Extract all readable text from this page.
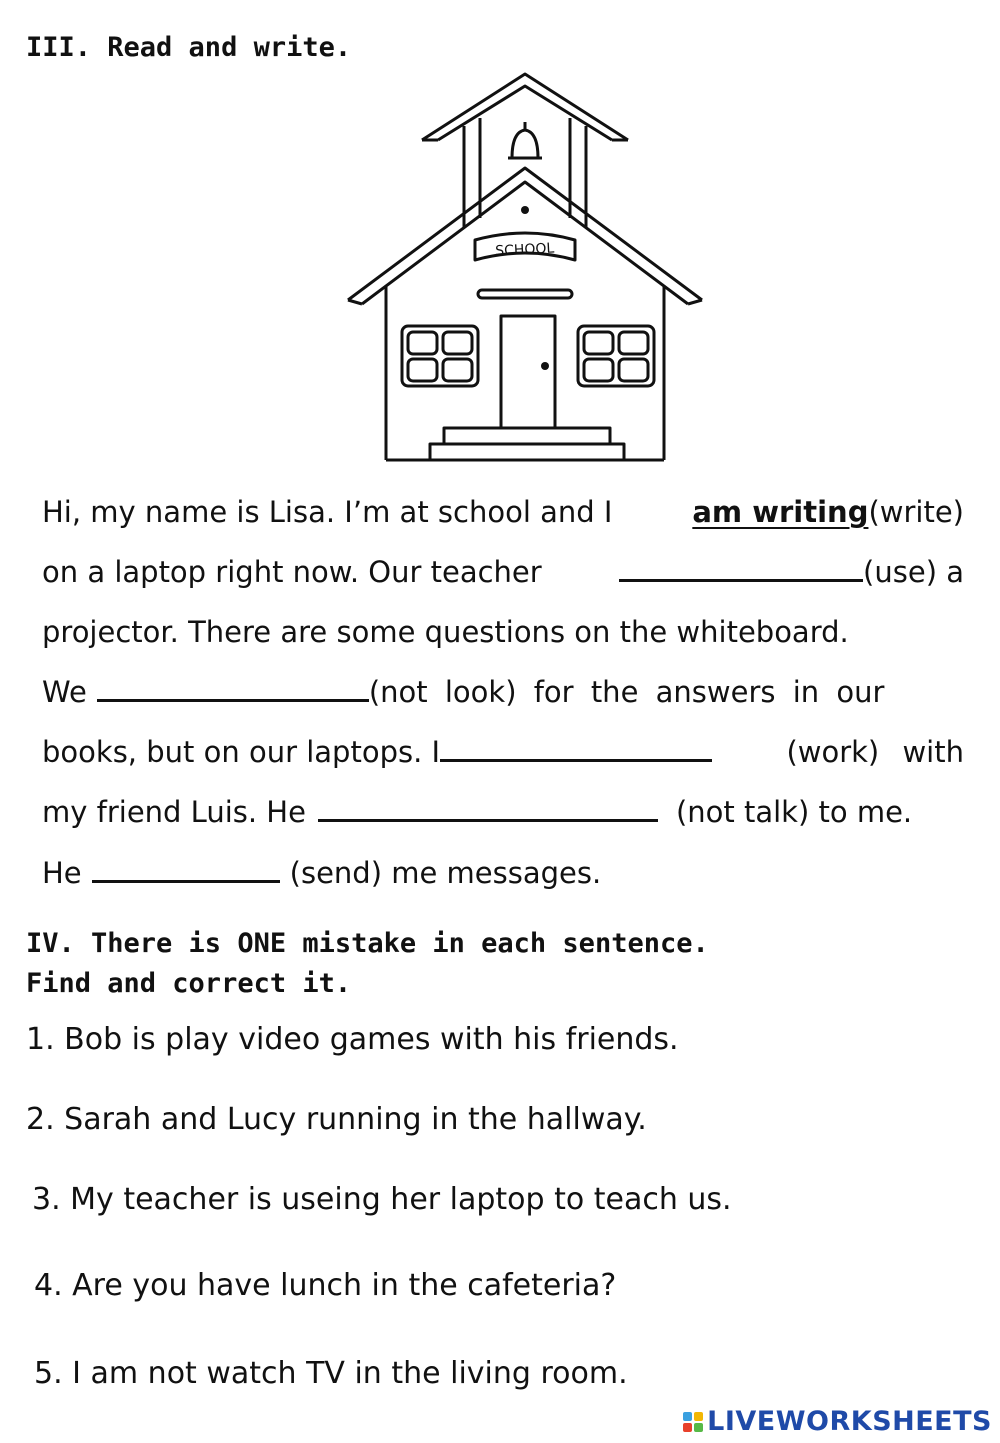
III. Read and write.
SCHOOL
Hi, my name is Lisa. I’m at school and I	am writing(write)
on a laptop right now. Our teacher	(use) a
projector. There are some questions on the whiteboard.
We	(not look) for the answers in our
books, but on our laptops. I	(work) with
my friend Luis. He	(not talk) to me.
He	(send) me messages.
IV. There is ONE mistake in each sentence.
Find and correct it.
1. Bob is play video games with his friends.
2. Sarah and Lucy running in the hallway.
3. My teacher is useing her laptop to teach us.
4. Are you have lunch in the cafeteria?
5. I am not watch TV in the living room.
LIVEWORKSHEETS
